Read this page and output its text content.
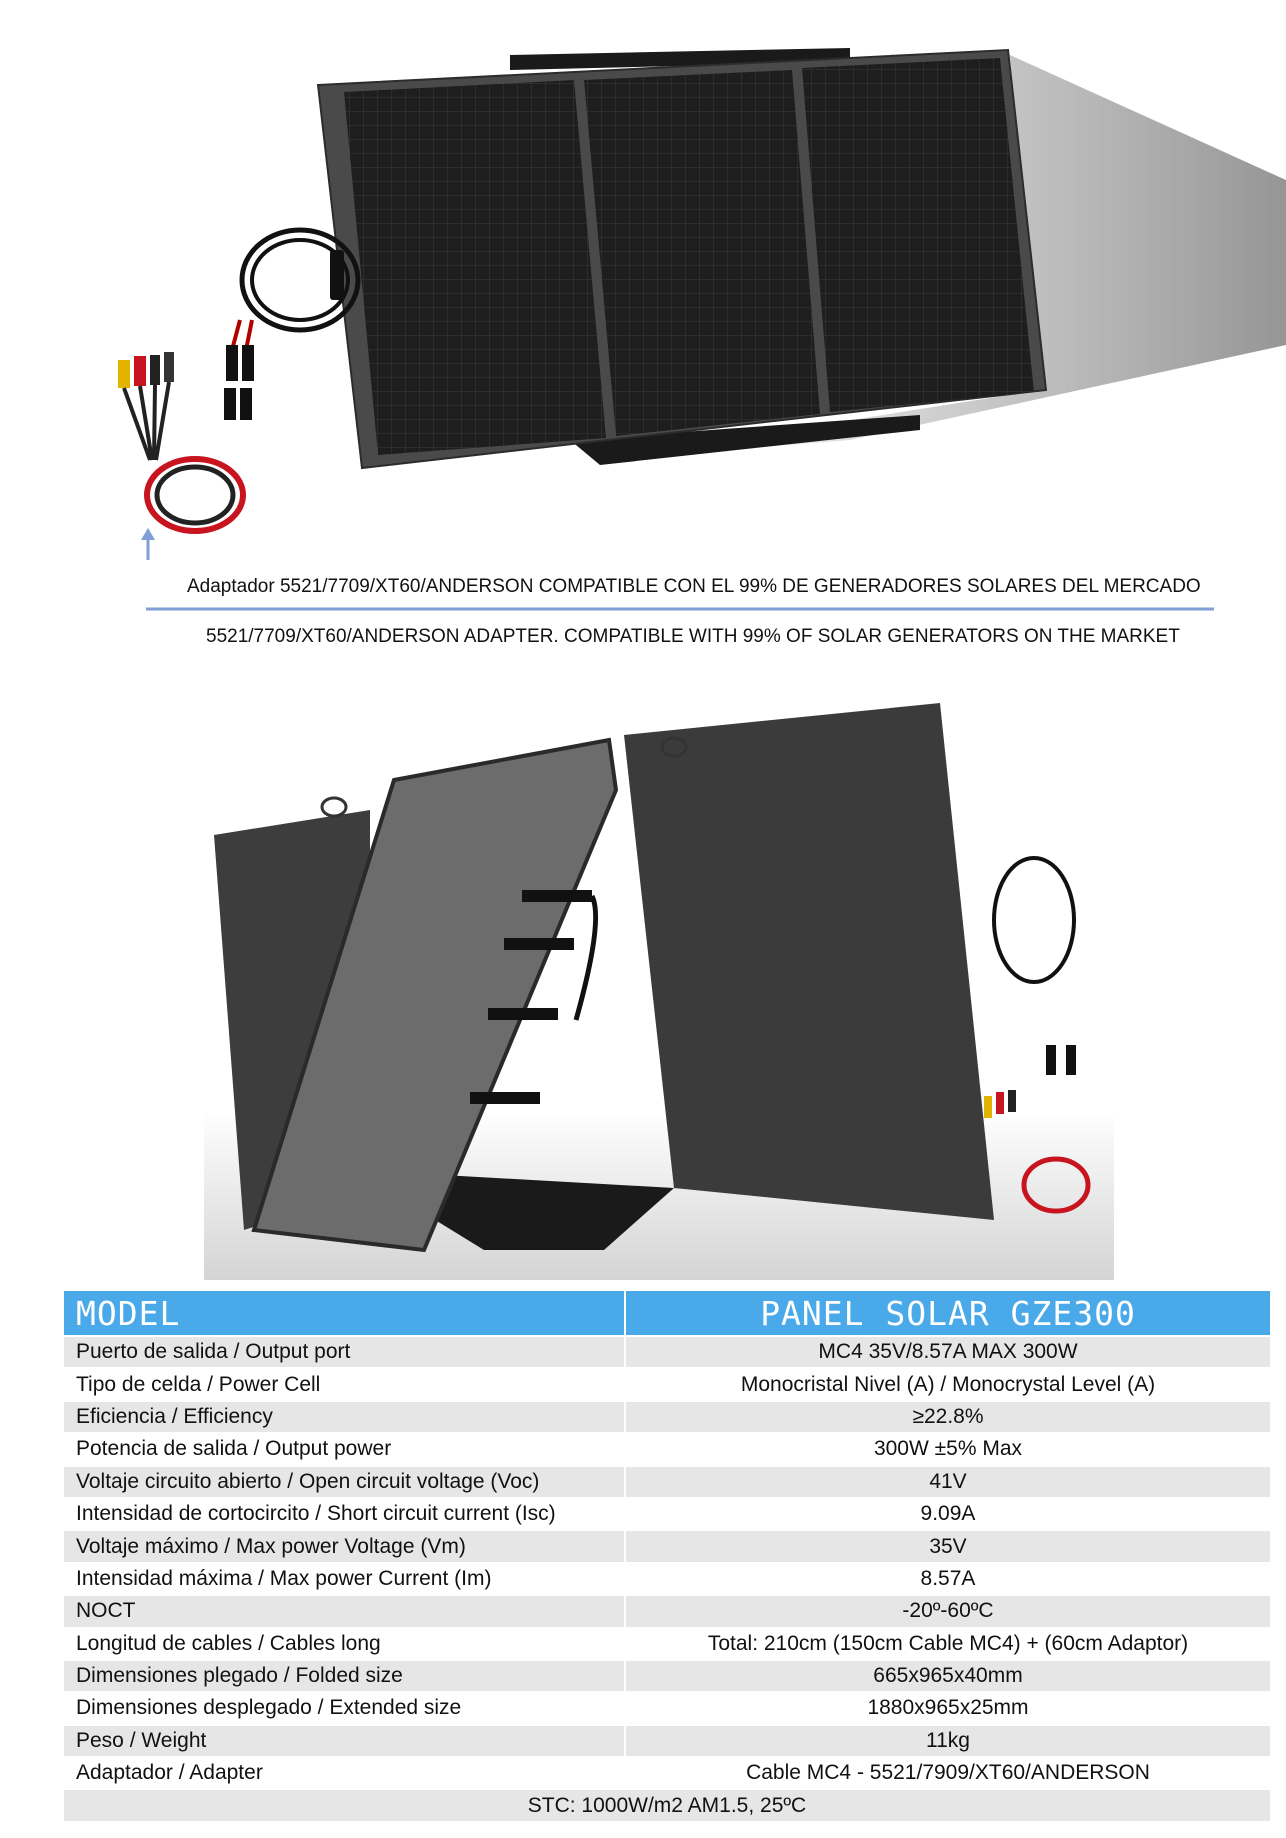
Adaptador 5521/7709/XT60/ANDERSON COMPATIBLE CON EL 99% DE GENERADORES SOLARES DEL MERCADO
5521/7709/XT60/ANDERSON ADAPTER. COMPATIBLE WITH 99% OF SOLAR GENERATORS ON THE MARKET
MODEL	PANEL SOLAR GZE300
Puerto de salida / Output port	MC4 35V/8.57A MAX 300W
Tipo de celda / Power Cell	Monocristal Nivel (A) / Monocrystal Level (A)
Eficiencia / Efficiency	≥22.8%
Potencia de salida / Output power	300W ±5% Max
Voltaje circuito abierto / Open circuit voltage (Voc)	41V
Intensidad de cortocircito / Short circuit current (Isc)	9.09A
Voltaje máximo / Max power Voltage (Vm)	35V
Intensidad máxima / Max power Current (Im)	8.57A
NOCT	-20º-60ºC
Longitud de cables / Cables long	Total: 210cm (150cm Cable MC4) + (60cm Adaptor)
Dimensiones plegado / Folded size	665x965x40mm
Dimensiones desplegado / Extended size	1880x965x25mm
Peso / Weight	11kg
Adaptador / Adapter	Cable MC4 - 5521/7909/XT60/ANDERSON
STC: 1000W/m2 AM1.5, 25ºC	
